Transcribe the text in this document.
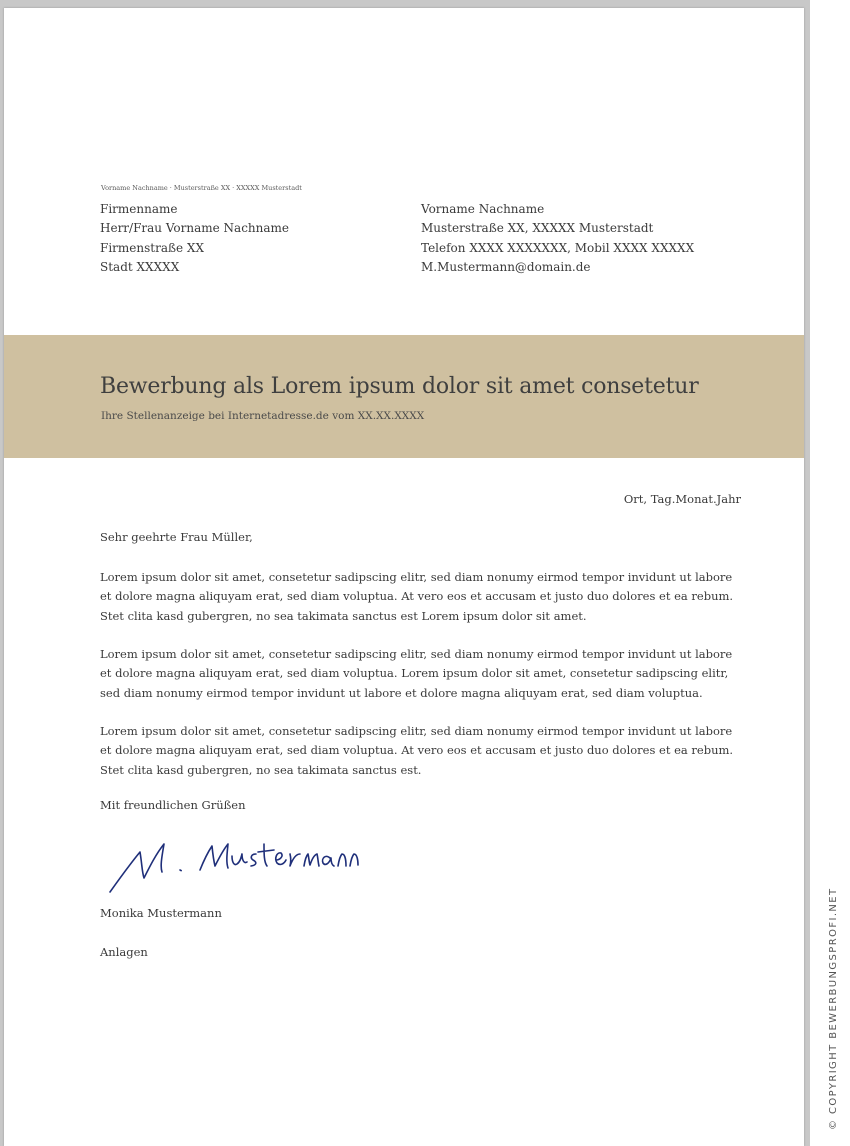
Vorname Nachname · Musterstraße XX · XXXXX Musterstadt
Firmenname
Herr/Frau Vorname Nachname
Firmenstraße XX
Stadt XXXXX
Vorname Nachname
Musterstraße XX, XXXXX Musterstadt
Telefon XXXX XXXXXXX, Mobil XXXX XXXXX
M.Mustermann@domain.de
Bewerbung als Lorem ipsum dolor sit amet consetetur
Ihre Stellenanzeige bei Internetadresse.de vom XX.XX.XXXX
Ort, Tag.Monat.Jahr
Sehr geehrte Frau Müller,
Lorem ipsum dolor sit amet, consetetur sadipscing elitr, sed diam nonumy eirmod tempor invidunt ut labore
et dolore magna aliquyam erat, sed diam voluptua. At vero eos et accusam et justo duo dolores et ea rebum.
Stet clita kasd gubergren, no sea takimata sanctus est Lorem ipsum dolor sit amet.
Lorem ipsum dolor sit amet, consetetur sadipscing elitr, sed diam nonumy eirmod tempor invidunt ut labore
et dolore magna aliquyam erat, sed diam voluptua. Lorem ipsum dolor sit amet, consetetur sadipscing elitr,
sed diam nonumy eirmod tempor invidunt ut labore et dolore magna aliquyam erat, sed diam voluptua.
Lorem ipsum dolor sit amet, consetetur sadipscing elitr, sed diam nonumy eirmod tempor invidunt ut labore
et dolore magna aliquyam erat, sed diam voluptua. At vero eos et accusam et justo duo dolores et ea rebum.
Stet clita kasd gubergren, no sea takimata sanctus est.
Mit freundlichen Grüßen
Monika Mustermann
Anlagen	© COPYRIGHT BEWERBUNGSPROFI.NET
